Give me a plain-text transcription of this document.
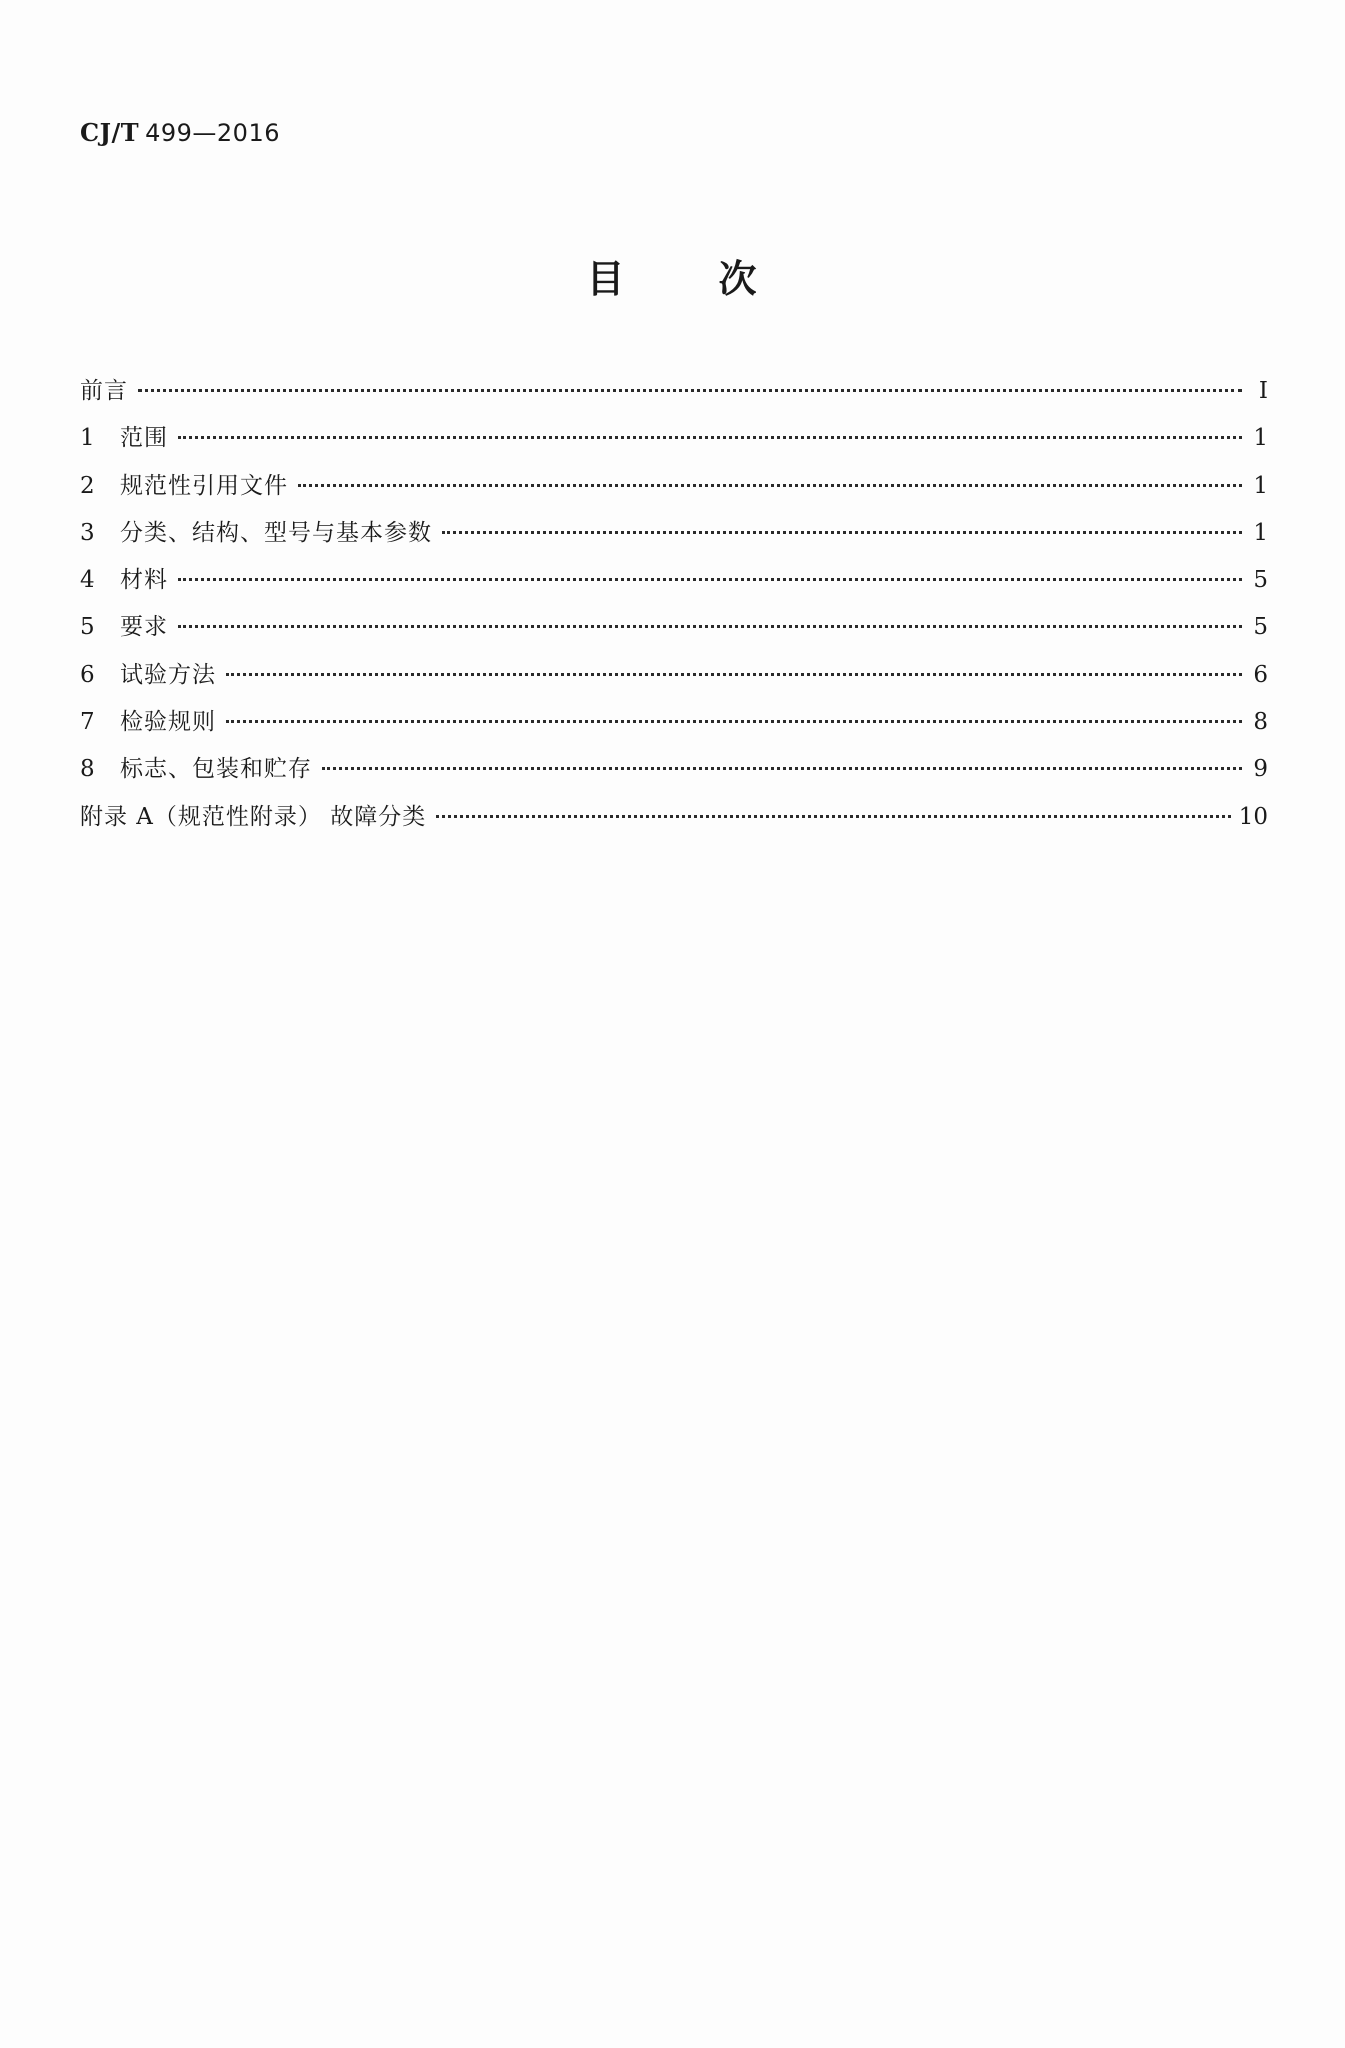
CJ/T 499—2016
目 次
前言	Ⅰ
1	范围	1
2	规范性引用文件	1
3	分类、结构、型号与基本参数	1
4	材料	5
5	要求	5
6	试验方法	6
7	检验规则	8
8	标志、包装和贮存	9
附录 A（规范性附录） 故障分类	10
